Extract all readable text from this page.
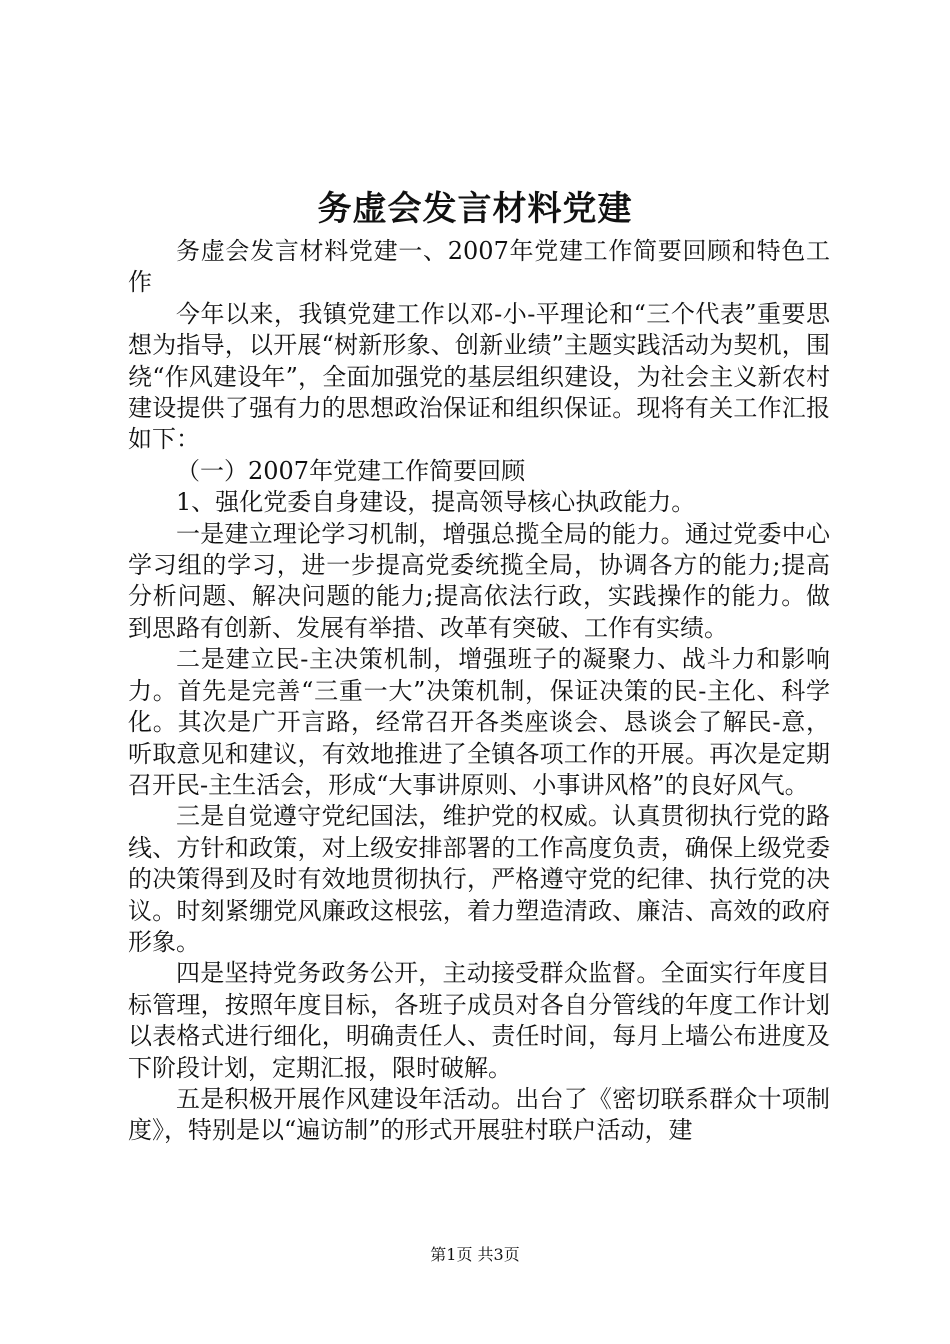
务虚会发言材料党建

务虚会发言材料党建一、2007年党建工作简要回顾和特色工作

今年以来，我镇党建工作以邓-小-平理论和“三个代表”重要思想为指导，以开展“树新形象、创新业绩”主题实践活动为契机，围绕“作风建设年”，全面加强党的基层组织建设，为社会主义新农村建设提供了强有力的思想政治保证和组织保证。现将有关工作汇报如下：

（一）2007年党建工作简要回顾

1、强化党委自身建设，提高领导核心执政能力。

一是建立理论学习机制，增强总揽全局的能力。通过党委中心学习组的学习，进一步提高党委统揽全局，协调各方的能力;提高分析问题、解决问题的能力;提高依法行政，实践操作的能力。做到思路有创新、发展有举措、改革有突破、工作有实绩。

二是建立民-主决策机制，增强班子的凝聚力、战斗力和影响力。首先是完善“三重一大”决策机制，保证决策的民-主化、科学化。其次是广开言路，经常召开各类座谈会、恳谈会了解民-意，听取意见和建议，有效地推进了全镇各项工作的开展。再次是定期召开民-主生活会，形成“大事讲原则、小事讲风格”的良好风气。

三是自觉遵守党纪国法，维护党的权威。认真贯彻执行党的路线、方针和政策，对上级安排部署的工作高度负责，确保上级党委的决策得到及时有效地贯彻执行，严格遵守党的纪律、执行党的决议。时刻紧绷党风廉政这根弦，着力塑造清政、廉洁、高效的政府形象。

四是坚持党务政务公开，主动接受群众监督。全面实行年度目标管理，按照年度目标，各班子成员对各自分管线的年度工作计划以表格式进行细化，明确责任人、责任时间，每月上墙公布进度及下阶段计划，定期汇报，限时破解。

五是积极开展作风建设年活动。出台了《密切联系群众十项制度》，特别是以“遍访制”的形式开展驻村联户活动，建

第1页 共3页
